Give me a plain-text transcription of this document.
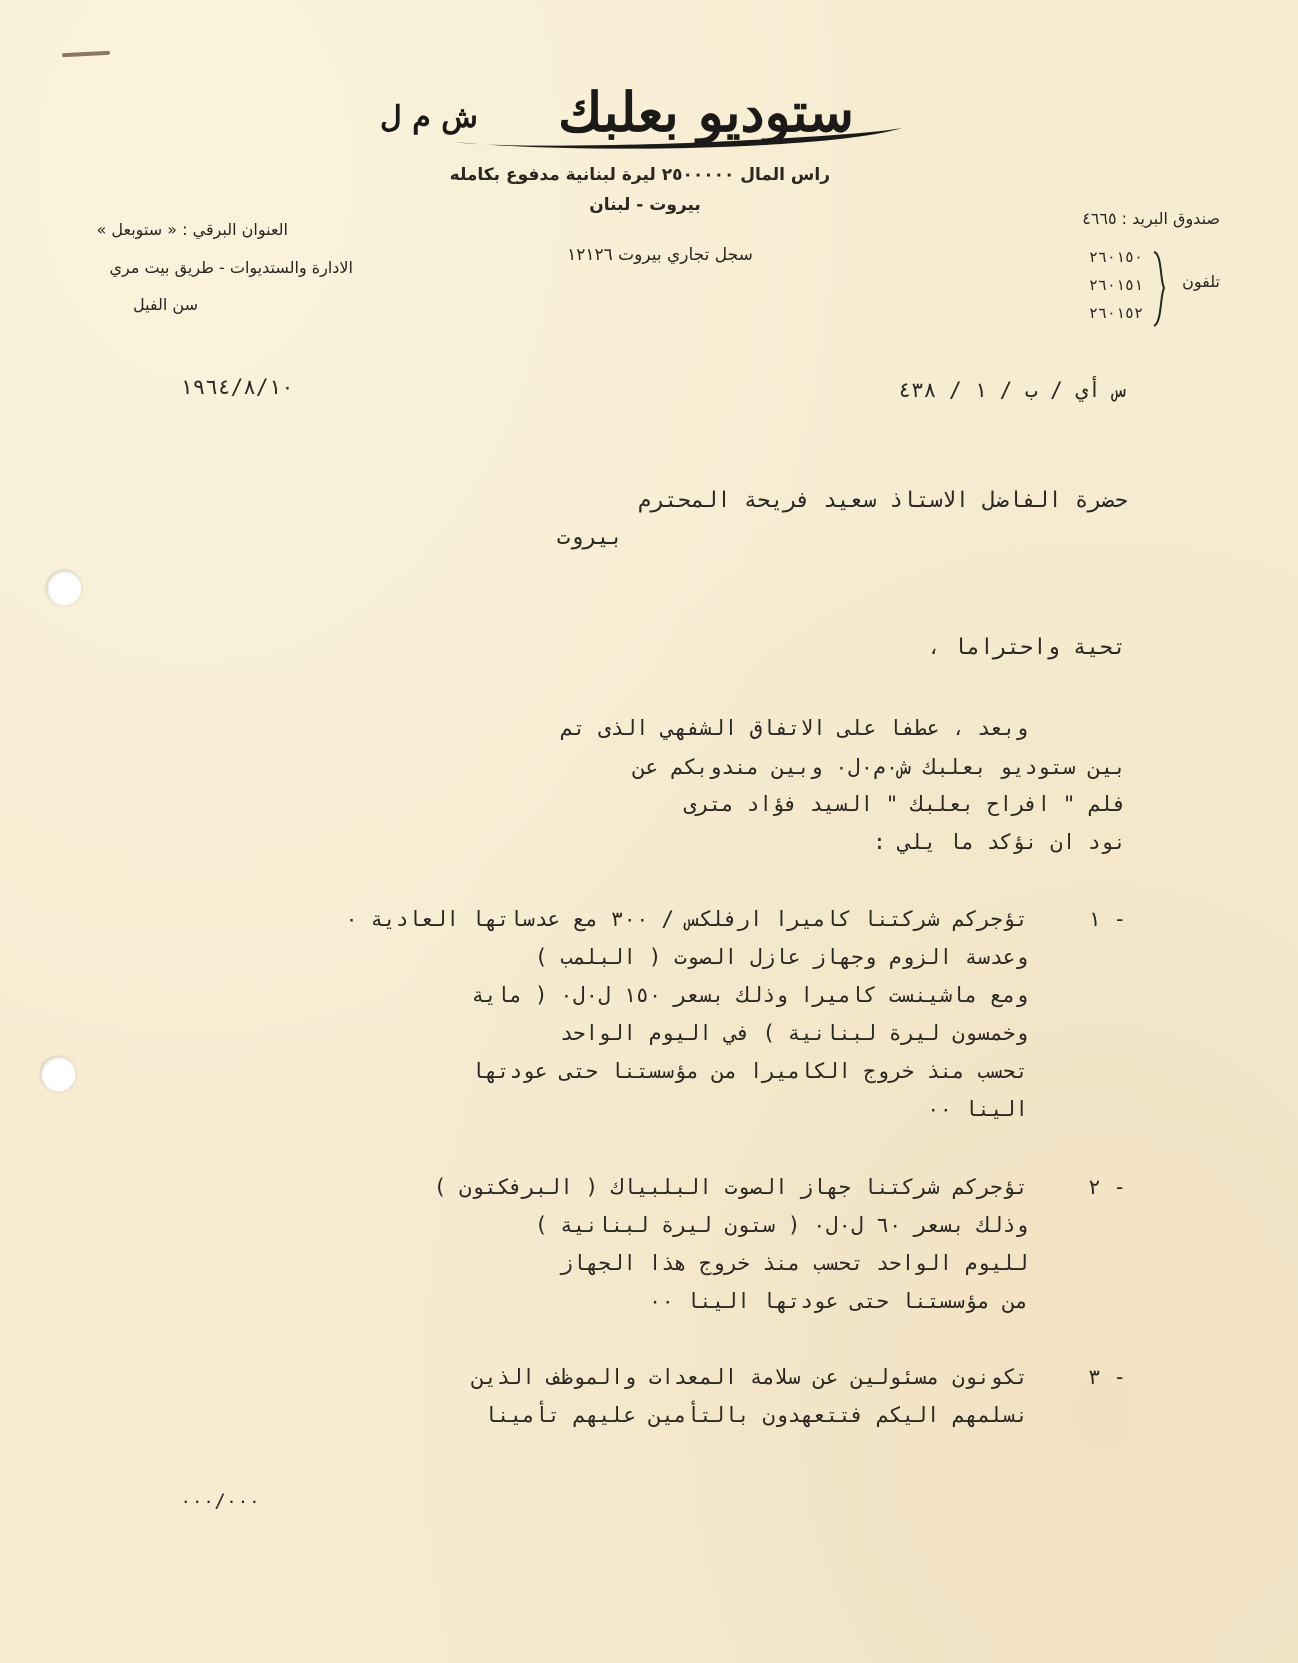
ستوديو بعلبك
ش م ل
راس المال ٢٥٠٠٠٠٠ ليرة لبنانية مدفوع بكامله
بيروت - لبنان
سجل تجاري بيروت ١٢١٢٦
العنوان البرقي : « ستوبعل »
الادارة والستديوات - طريق بيت مري
سن الفيل
صندوق البريد : ٤٦٦٥
تلفون
٢٦٠١٥٠
٢٦٠١٥١
٢٦٠١٥٢
١٩٦٤/٨/١٠	س أي / ب / ١ / ٤٣٨
حضرة الفاضل الاستاذ سعيد فريحة المحترم
بيروت
تحية واحتراما ،
وبعد ، عطفا على الاتفاق الشفهي الذى تم
بين ستوديو بعلبك ش٠م٠ل٠ وبين مندوبكم عن
فلم " افراح بعلبك " السيد فؤاد مترى
نود ان نؤكد ما يلي :
١ -
تؤجركم شركتنا كاميرا ارفلكس / ٣٠٠ مع عدساتها العادية ٠
وعدسة الزوم وجهاز عازل الصوت ( البلمب )
ومع ماشينست كاميرا وذلك بسعر ١٥٠ ل٠ل٠ ( ماية
وخمسون ليرة لبنانية ) في اليوم الواحد
تحسب منذ خروج الكاميرا من مؤسستنا حتى عودتها
الينا ٠٠
٢ -
تؤجركم شركتنا جهاز الصوت البلبياك ( البرفكتون )
وذلك بسعر ٦٠ ل٠ل٠ ( ستون ليرة لبنانية )
لليوم الواحد تحسب منذ خروج هذا الجهاز
من مؤسستنا حتى عودتها الينا ٠٠
٣ -
تكونون مسئولين عن سلامة المعدات والموظف الذين
نسلمهم اليكم فتتعهدون بالتأمين عليهم تأمينا
٠٠٠/٠٠٠
